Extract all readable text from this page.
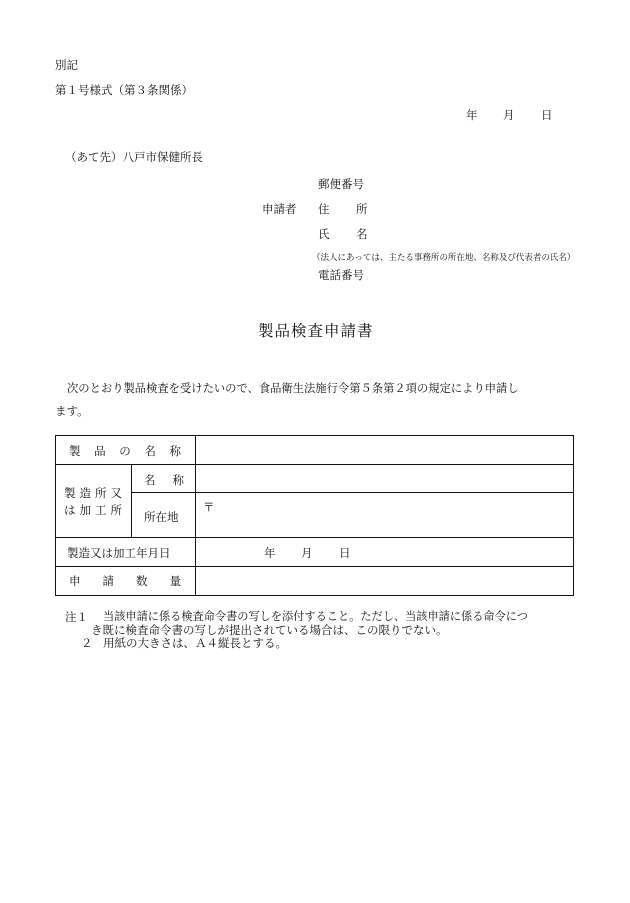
別記
第１号様式（第３条関係）
年 月 日
（あて先）八戸市保健所長
郵便番号
申請者 住 所
氏 名
（法人にあっては、主たる事務所の所在地、名称及び代表者の氏名）
電話番号
製品検査申請書
次のとおり製品検査を受けたいので、食品衛生法施行令第５条第２項の規定により申請し
ます。
製 品 の 名 称
製 造 所 又
は 加 工 所
名 称
所在地
〒
製造又は加工年月日	年 月 日
申 請 数 量
注１ 当該申請に係る検査命令書の写しを添付すること。ただし、当該申請に係る命令につ
き既に検査命令書の写しが提出されている場合は、この限りでない。
２ 用紙の大きさは、Ａ４縦長とする。
